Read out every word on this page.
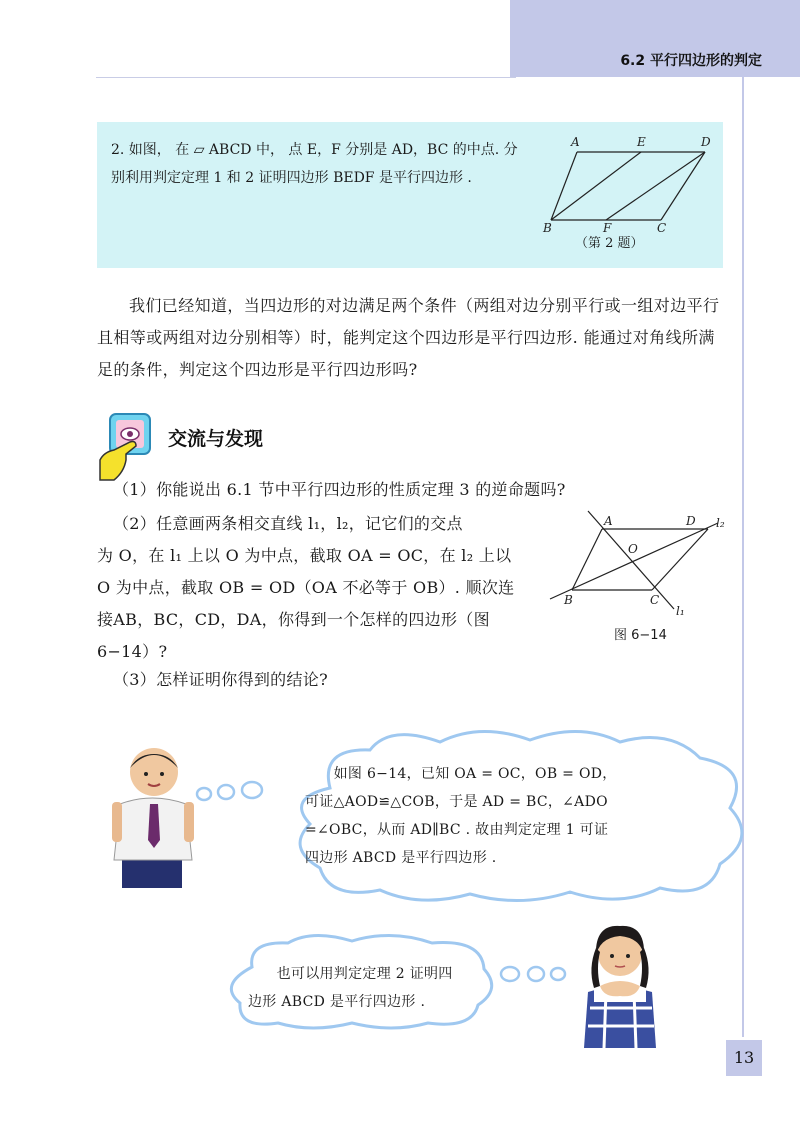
6.2 平行四边形的判定
2. 如图， 在 ▱ ABCD 中， 点 E，F 分别是 AD，BC 的中点. 分别利用判定定理 1 和 2 证明四边形 BEDF 是平行四边形 .
A	E	D
B	F	C
（第 2 题）
我们已经知道，当四边形的对边满足两个条件（两组对边分别平行或一组对边平行且相等或两组对边分别相等）时，能判定这个四边形是平行四边形. 能通过对角线所满足的条件，判定这个四边形是平行四边形吗?
交流与发现
（1）你能说出 6.1 节中平行四边形的性质定理 3 的逆命题吗?
（2）任意画两条相交直线 l₁，l₂，记它们的交点
为 O，在 l₁ 上以 O 为中点，截取 OA = OC，在 l₂ 上以
O 为中点，截取 OB = OD（OA 不必等于 OB）. 顺次连
接AB，BC，CD，DA，你得到一个怎样的四边形（图
6−14）?
（3）怎样证明你得到的结论?
A	D
O
B	C
l₂
l₁
图 6−14
　　如图 6−14，已知 OA = OC，OB = OD，
可证△AOD≌△COB，于是 AD = BC，∠ADO
=∠OBC，从而 AD∥BC . 故由判定定理 1 可证
四边形 ABCD 是平行四边形 .
　　也可以用判定定理 2 证明四
边形 ABCD 是平行四边形 .
13
